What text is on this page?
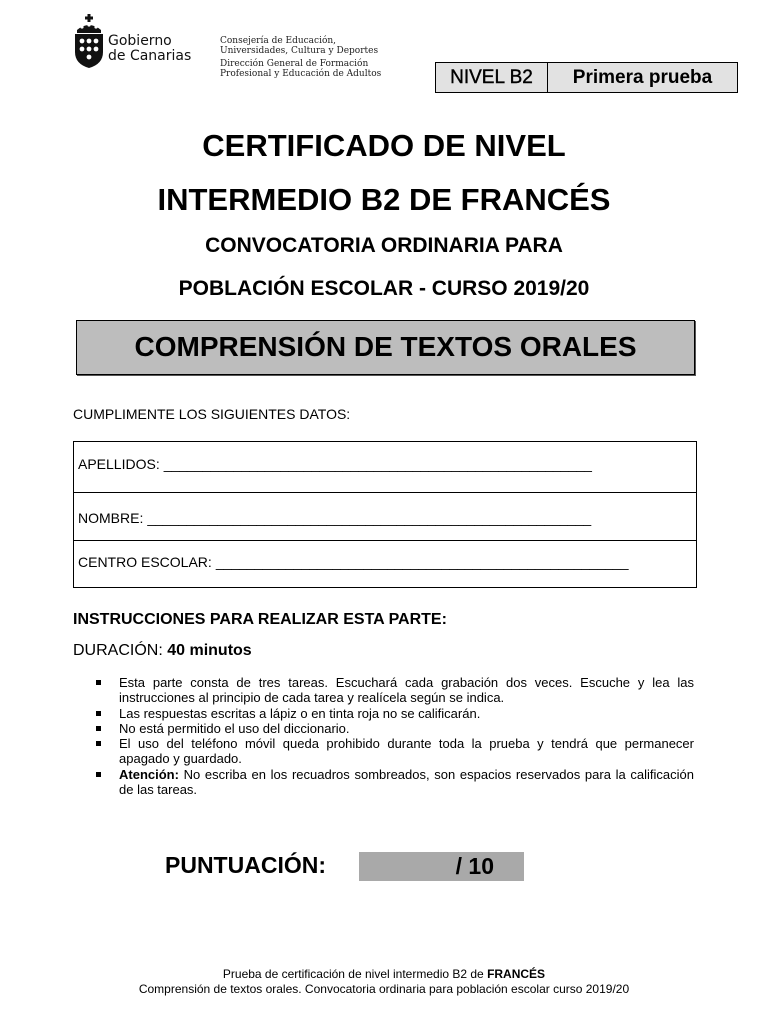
Gobierno
de Canarias
Consejería de Educación,
Universidades, Cultura y Deportes
Dirección General de Formación
Profesional y Educación de Adultos	NIVEL B2	Primera prueba
CERTIFICADO DE NIVEL
INTERMEDIO B2 DE FRANCÉS
CONVOCATORIA ORDINARIA PARA
POBLACIÓN ESCOLAR - CURSO 2019/20
COMPRENSIÓN DE TEXTOS ORALES
CUMPLIMENTE LOS SIGUIENTES DATOS:
APELLIDOS: _______________________________________________________
NOMBRE: _________________________________________________________
CENTRO ESCOLAR: _____________________________________________________
INSTRUCCIONES PARA REALIZAR ESTA PARTE:
DURACIÓN: 40 minutos
Esta parte consta de tres tareas. Escuchará cada grabación dos veces. Escuche y lea las instrucciones al principio de cada tarea y realícela según se indica.
Las respuestas escritas a lápiz o en tinta roja no se calificarán.
No está permitido el uso del diccionario.
El uso del teléfono móvil queda prohibido durante toda la prueba y tendrá que permanecer apagado y guardado.
Atención: No escriba en los recuadros sombreados, son espacios reservados para la calificación de las tareas.
PUNTUACIÓN:	/ 10
Prueba de certificación de nivel intermedio B2 de FRANCÉS
Comprensión de textos orales. Convocatoria ordinaria para población escolar curso 2019/20
